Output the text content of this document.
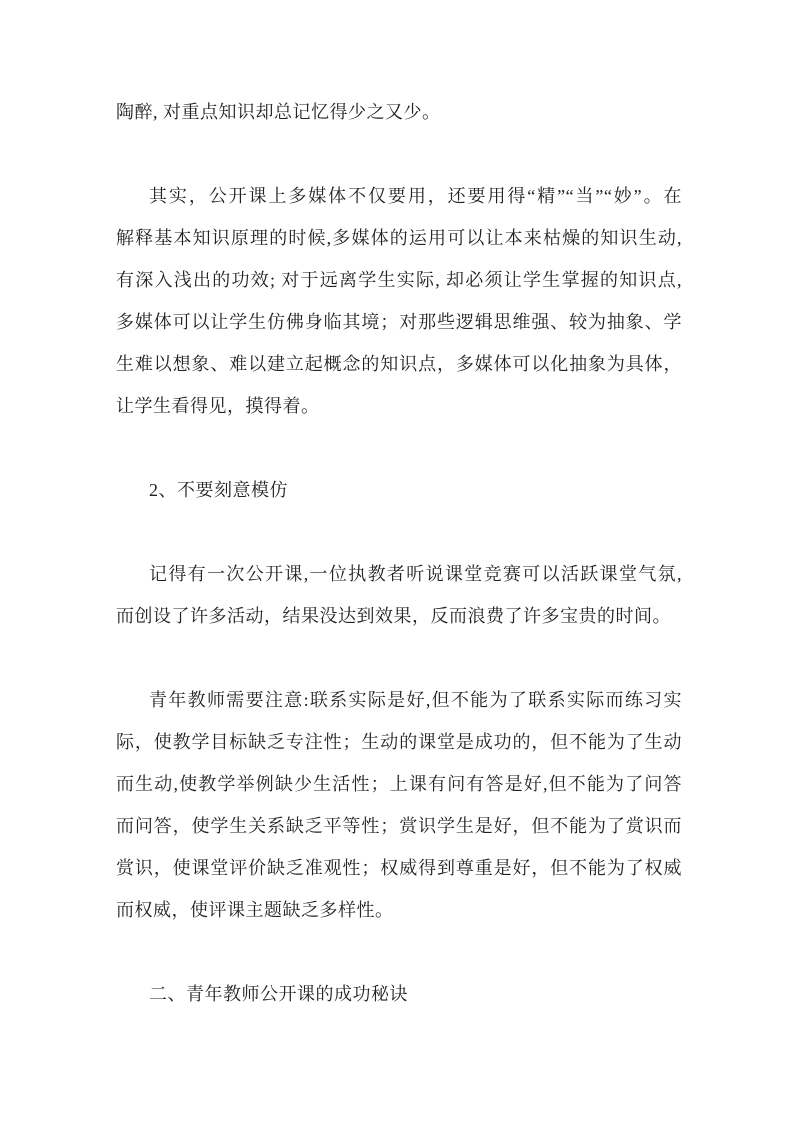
陶醉, 对重点知识却总记忆得少之又少。
其实，公开课上多媒体不仅要用，还要用得“精”“当”“妙”。在
解释基本知识原理的时候,多媒体的运用可以让本来枯燥的知识生动,
有深入浅出的功效; 对于远离学生实际, 却必须让学生掌握的知识点,
多媒体可以让学生仿佛身临其境；对那些逻辑思维强、较为抽象、学
生难以想象、难以建立起概念的知识点，多媒体可以化抽象为具体，
让学生看得见，摸得着。
2、不要刻意模仿
记得有一次公开课,一位执教者听说课堂竞赛可以活跃课堂气氛,
而创设了许多活动，结果没达到效果，反而浪费了许多宝贵的时间。
青年教师需要注意:联系实际是好,但不能为了联系实际而练习实
际，使教学目标缺乏专注性；生动的课堂是成功的，但不能为了生动
而生动,使教学举例缺少生活性；上课有问有答是好,但不能为了问答
而问答，使学生关系缺乏平等性；赏识学生是好，但不能为了赏识而
赏识，使课堂评价缺乏准观性；权威得到尊重是好，但不能为了权威
而权威，使评课主题缺乏多样性。
二、青年教师公开课的成功秘诀
